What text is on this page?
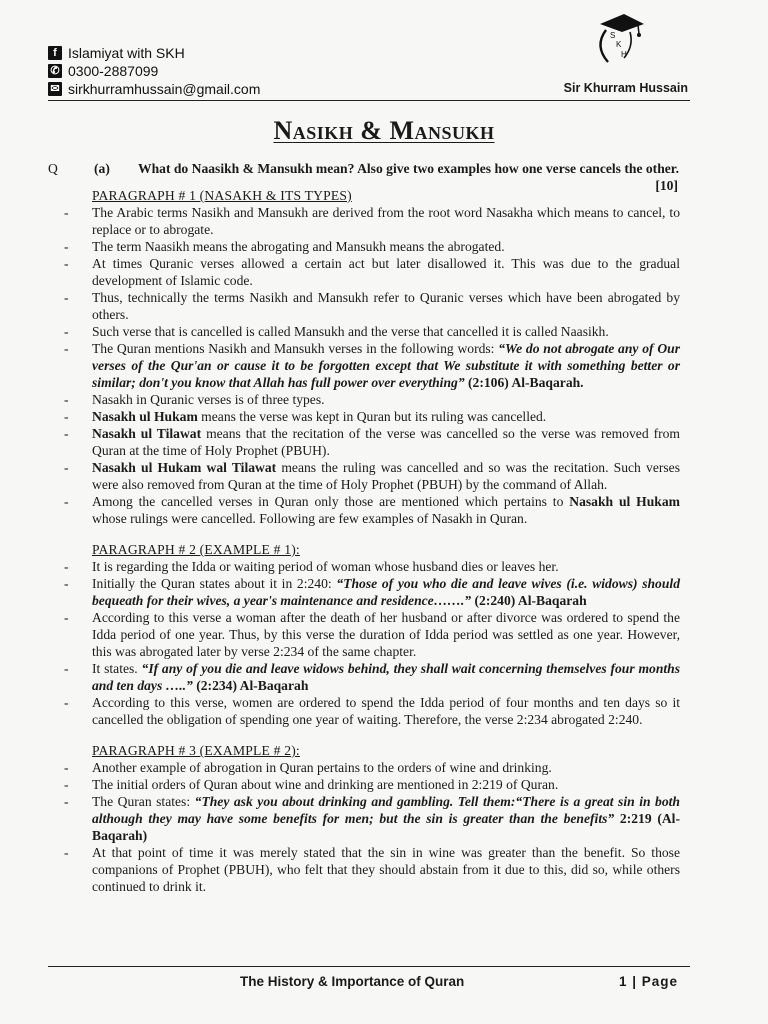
f Islamiyat with SKH
✆ 0300-2887099
✉ sirkhurramhussain@gmail.com
S
K
H
Sir Khurram Hussain
NASIKH & MANSUKH
Q	(a) What do Naasikh & Mansukh mean? Also give two examples how one verse cancels the other.
[10]
PARAGRAPH # 1 (NASAKH & ITS TYPES)
- The Arabic terms Nasikh and Mansukh are derived from the root word Nasakha which means to cancel, to replace or to abrogate.
- The term Naasikh means the abrogating and Mansukh means the abrogated.
- At times Quranic verses allowed a certain act but later disallowed it. This was due to the gradual development of Islamic code.
- Thus, technically the terms Nasikh and Mansukh refer to Quranic verses which have been abrogated by others.
- Such verse that is cancelled is called Mansukh and the verse that cancelled it is called Naasikh.
- The Quran mentions Nasikh and Mansukh verses in the following words: “We do not abrogate any of Our verses of the Qur'an or cause it to be forgotten except that We substitute it with something better or similar; don't you know that Allah has full power over everything” (2:106) Al-Baqarah.
- Nasakh in Quranic verses is of three types.
- Nasakh ul Hukam means the verse was kept in Quran but its ruling was cancelled.
- Nasakh ul Tilawat means that the recitation of the verse was cancelled so the verse was removed from Quran at the time of Holy Prophet (PBUH).
- Nasakh ul Hukam wal Tilawat means the ruling was cancelled and so was the recitation. Such verses were also removed from Quran at the time of Holy Prophet (PBUH) by the command of Allah.
- Among the cancelled verses in Quran only those are mentioned which pertains to Nasakh ul Hukam whose rulings were cancelled. Following are few examples of Nasakh in Quran.
PARAGRAPH # 2 (EXAMPLE # 1):
- It is regarding the Idda or waiting period of woman whose husband dies or leaves her.
- Initially the Quran states about it in 2:240: “Those of you who die and leave wives (i.e. widows) should bequeath for their wives, a year's maintenance and residence…….” (2:240) Al-Baqarah
- According to this verse a woman after the death of her husband or after divorce was ordered to spend the Idda period of one year. Thus, by this verse the duration of Idda period was settled as one year. However, this was abrogated later by verse 2:234 of the same chapter.
- It states. “If any of you die and leave widows behind, they shall wait concerning themselves four months and ten days …..” (2:234) Al-Baqarah
- According to this verse, women are ordered to spend the Idda period of four months and ten days so it cancelled the obligation of spending one year of waiting. Therefore, the verse 2:234 abrogated 2:240.
PARAGRAPH # 3 (EXAMPLE # 2):
- Another example of abrogation in Quran pertains to the orders of wine and drinking.
- The initial orders of Quran about wine and drinking are mentioned in 2:219 of Quran.
- The Quran states: “They ask you about drinking and gambling. Tell them:“There is a great sin in both although they may have some benefits for men; but the sin is greater than the benefits” 2:219 (Al-Baqarah)
- At that point of time it was merely stated that the sin in wine was greater than the benefit. So those companions of Prophet (PBUH), who felt that they should abstain from it due to this, did so, while others continued to drink it.
The History & Importance of Quran	1 | Page
